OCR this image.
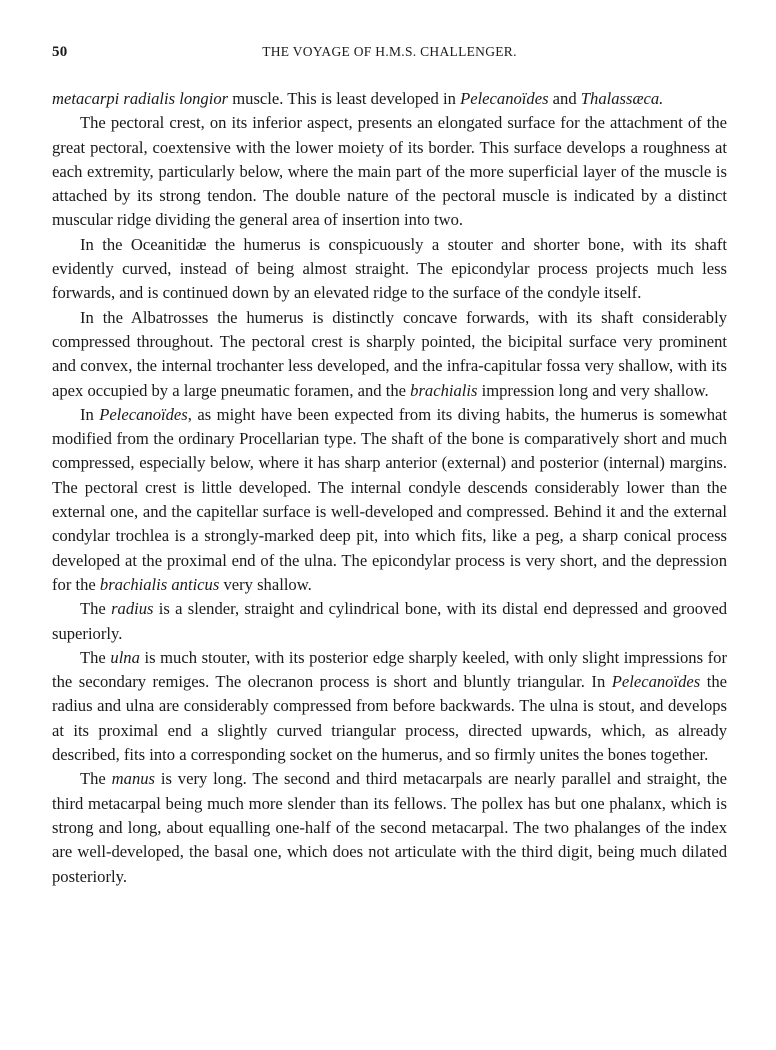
50	THE VOYAGE OF H.M.S. CHALLENGER.

metacarpi radialis longior muscle. This is least developed in Pelecanoïdes and Thalassæca.

The pectoral crest, on its inferior aspect, presents an elongated surface for the attachment of the great pectoral, coextensive with the lower moiety of its border. This surface develops a roughness at each extremity, particularly below, where the main part of the more superficial layer of the muscle is attached by its strong tendon. The double nature of the pectoral muscle is indicated by a distinct muscular ridge dividing the general area of insertion into two.

In the Oceanitidæ the humerus is conspicuously a stouter and shorter bone, with its shaft evidently curved, instead of being almost straight. The epicondylar process projects much less forwards, and is continued down by an elevated ridge to the surface of the condyle itself.

In the Albatrosses the humerus is distinctly concave forwards, with its shaft considerably compressed throughout. The pectoral crest is sharply pointed, the bicipital surface very prominent and convex, the internal trochanter less developed, and the infra-capitular fossa very shallow, with its apex occupied by a large pneumatic foramen, and the brachialis impression long and very shallow.

In Pelecanoïdes, as might have been expected from its diving habits, the humerus is somewhat modified from the ordinary Procellarian type. The shaft of the bone is comparatively short and much compressed, especially below, where it has sharp anterior (external) and posterior (internal) margins. The pectoral crest is little developed. The internal condyle descends considerably lower than the external one, and the capitellar surface is well-developed and compressed. Behind it and the external condylar trochlea is a strongly-marked deep pit, into which fits, like a peg, a sharp conical process developed at the proximal end of the ulna. The epicondylar process is very short, and the depression for the brachialis anticus very shallow.

The radius is a slender, straight and cylindrical bone, with its distal end depressed and grooved superiorly.

The ulna is much stouter, with its posterior edge sharply keeled, with only slight impressions for the secondary remiges. The olecranon process is short and bluntly triangular. In Pelecanoïdes the radius and ulna are considerably compressed from before backwards. The ulna is stout, and develops at its proximal end a slightly curved triangular process, directed upwards, which, as already described, fits into a corresponding socket on the humerus, and so firmly unites the bones together.

The manus is very long. The second and third metacarpals are nearly parallel and straight, the third metacarpal being much more slender than its fellows. The pollex has but one phalanx, which is strong and long, about equalling one-half of the second metacarpal. The two phalanges of the index are well-developed, the basal one, which does not articulate with the third digit, being much dilated posteriorly.
